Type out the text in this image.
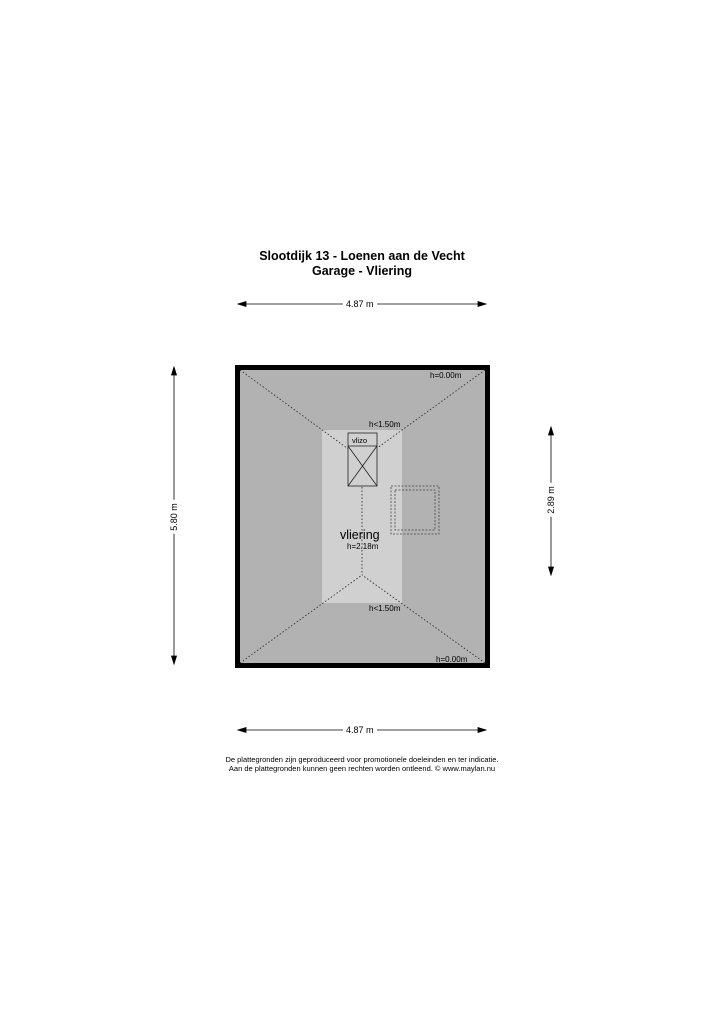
Slootdijk 13 - Loenen aan de Vecht
Garage - Vliering
4.87 m
4.87 m
5.80 m
2.89 m
h=0.00m
h<1.50m
vlizo
vliering
h=2.18m
h<1.50m
h=0.00m
De plattegronden zijn geproduceerd voor promotionele doeleinden en ter indicatie.
Aan de plattegronden kunnen geen rechten worden ontleend. © www.maylan.nu
